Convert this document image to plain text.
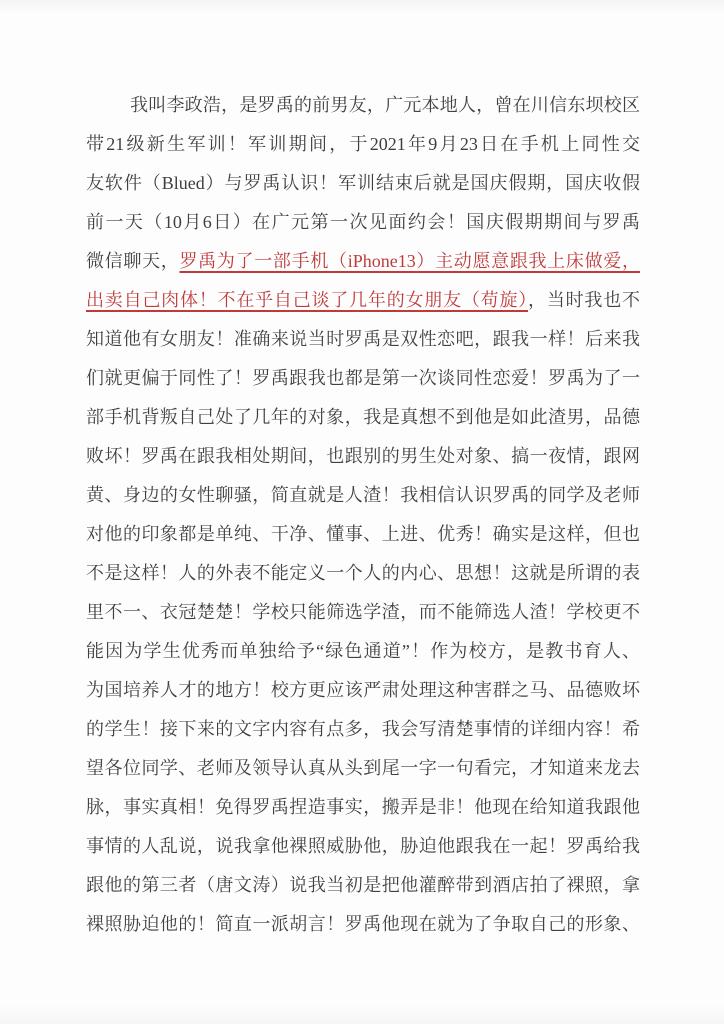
我叫李政浩，是罗禹的前男友，广元本地人，曾在川信东坝校区
带21级新生军训！军训期间，于2021年9月23日在手机上同性交
友软件（Blued）与罗禹认识！军训结束后就是国庆假期，国庆收假
前一天（10月6日）在广元第一次见面约会！国庆假期期间与罗禹
微信聊天，罗禹为了一部手机（iPhone13）主动愿意跟我上床做爱，
出卖自己肉体！不在乎自己谈了几年的女朋友（苟旋），当时我也不
知道他有女朋友！准确来说当时罗禹是双性恋吧，跟我一样！后来我
们就更偏于同性了！罗禹跟我也都是第一次谈同性恋爱！罗禹为了一
部手机背叛自己处了几年的对象，我是真想不到他是如此渣男，品德
败坏！罗禹在跟我相处期间，也跟别的男生处对象、搞一夜情，跟网
黄、身边的女性聊骚，简直就是人渣！我相信认识罗禹的同学及老师
对他的印象都是单纯、干净、懂事、上进、优秀！确实是这样，但也
不是这样！人的外表不能定义一个人的内心、思想！这就是所谓的表
里不一、衣冠楚楚！学校只能筛选学渣，而不能筛选人渣！学校更不
能因为学生优秀而单独给予“绿色通道”！作为校方，是教书育人、
为国培养人才的地方！校方更应该严肃处理这种害群之马、品德败坏
的学生！接下来的文字内容有点多，我会写清楚事情的详细内容！希
望各位同学、老师及领导认真从头到尾一字一句看完，才知道来龙去
脉，事实真相！免得罗禹捏造事实，搬弄是非！他现在给知道我跟他
事情的人乱说，说我拿他裸照威胁他，胁迫他跟我在一起！罗禹给我
跟他的第三者（唐文涛）说我当初是把他灌醉带到酒店拍了裸照，拿
裸照胁迫他的！简直一派胡言！罗禹他现在就为了争取自己的形象、
